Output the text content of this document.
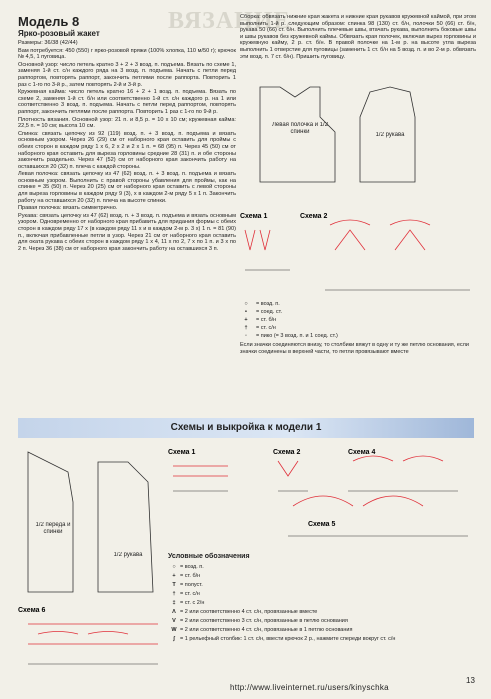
ВЯЗАНИЕ

Модель 8

Ярко-розовый жакет

Размеры: 36/38 (42/44)

Вам потребуется: 450 (550) г ярко-розовой пряжи (100% хлопка, 110 м/50 г); крючок № 4,5, 1 пуговица.

Основной узор: число петель кратно 3 + 2 + 3 возд. п. подъема. Вязать по схеме 1, заменяя 1-й ст. с/н каждого ряда на 3 возд. п. подъема. Начать с петли перед раппортом, повторять раппорт, закончить петлями после раппорта. Повторить 1 раз с 1-го по 3-й р., затем повторять 2-й и 3-й р.

Кружевная кайма: число петель кратно 16 + 2 + 1 возд. п. подъема. Вязать по схеме 2, заменяя 1-й ст. б/н или соответственно 1-й ст. с/н каждого р. на 1 или соответственно 3 возд. п. подъема. Начать с петли перед раппортом, повторять раппорт, закончить петлями после раппорта. Повторить 1 раз с 1-го по 9-й р.

Плотность вязания. Основной узор: 21 п. и 8,5 р. = 10 х 10 см; кружевная кайма: 22,5 п. = 10 см; высота 10 см.

Спинка: связать цепочку из 92 (119) возд. п. + 3 возд. п. подъема и вязать основным узором. Через 26 (29) см от наборного края оставить для проймы с обеих сторон в каждом ряду 1 х 6, 2 х 2 и 2 х 1 п. = 68 (95) п. Через 45 (50) см от наборного края оставить для выреза горловины средние 28 (31) п. и обе стороны закончить раздельно. Через 47 (52) см от наборного края закончить работу на оставшихся 20 (32) п. плеча с каждой стороны.

Левая полочка: связать цепочку из 47 (62) возд. п. + 3 возд. п. подъема и вязать основным узором. Выполнить с правой стороны убавления для проймы, как на спинке = 35 (50) п. Через 20 (25) см от наборного края оставить с левой стороны для выреза горловины в каждом ряду 9 (3), х в каждом 2-м ряду 5 х 1 п. Закончить работу на оставшихся 20 (32) п. плеча на высоте спинки.

Правая полочка: вязать симметрично.

Рукава: связать цепочку из 47 (62) возд. п. + 3 возд. п. подъема и вязать основным узором. Одновременно от наборного края прибавить для придания формы с обеих сторон в каждом ряду 17 х (в каждом ряду 11 х и в каждом 2-м р. 3 х) 1 п. = 81 (90) п., включая прибавленные петли в узор. Через 21 см от наборного края оставить для оката рукава с обеих сторон в каждом ряду 1 х 4, 11 х по 2, 7 х по 1 п. и 3 х по 2 п. Через 36 (38) см от наборного края закончить работу на оставшихся 3 п.

Сборка: обвязать нижние края жакета и нижние края рукавов кружевной каймой, при этом выполнить 1-й р. следующим образом: спинка 98 (130) ст. б/н, полочки 50 (66) ст. б/н, рукава 50 (66) ст. б/н. Выполнить плечевые швы, втачать рукава, выполнить боковые швы и швы рукавов без кружевной каймы. Обвязать края полочек, включая вырез горловины и кружевную кайму, 2 р. ст. б/н. В правой полочке на 1-м р. на высоте угла выреза выполнить 1 отверстие для пуговицы (заменить 1 ст. б/н на 5 возд. п. и во 2-м р. обвязать эти возд. п. 7 ст. б/н). Пришить пуговицу.

Левая полочка и 1/2 спинки	1/2 рукава
Схема 1	Схема 2
○	= возд. п.
•	= соед. ст.
+	= ст. б/н
†	= ст. с/н
◦	= пико (= 3 возд. п. и 1 соед. ст.)
Если значки соединяются внизу, то столбики вяжут в одну и ту же петлю основания, если значки соединены в верхней части, то петли провязывают вместе
Схемы и выкройка к модели 1
1/2 переда и спинки
1/2 рукава
Схема 1	Схема 2	Схема 4
Схема 5
Условные обозначения
○ = возд. п.
+ = ст. б/н
T = полуст.
† = ст. с/н
‡ = ст. с 2/н
Λ = 2 или соответственно 4 ст. с/н, провязанные вместе
V = 2 или соответственно 3 ст. с/н, провязанные в петлю основания
W = 2 или соответственно 4 ст. с/н, провязанные в 1 петлю основания
∫ = 1 рельефный столбик: 1 ст. с/н, ввести крючок 2 р., нажмите спереди вокруг ст. с/н
Схема 6
http://www.liveinternet.ru/users/kinyschka
13
